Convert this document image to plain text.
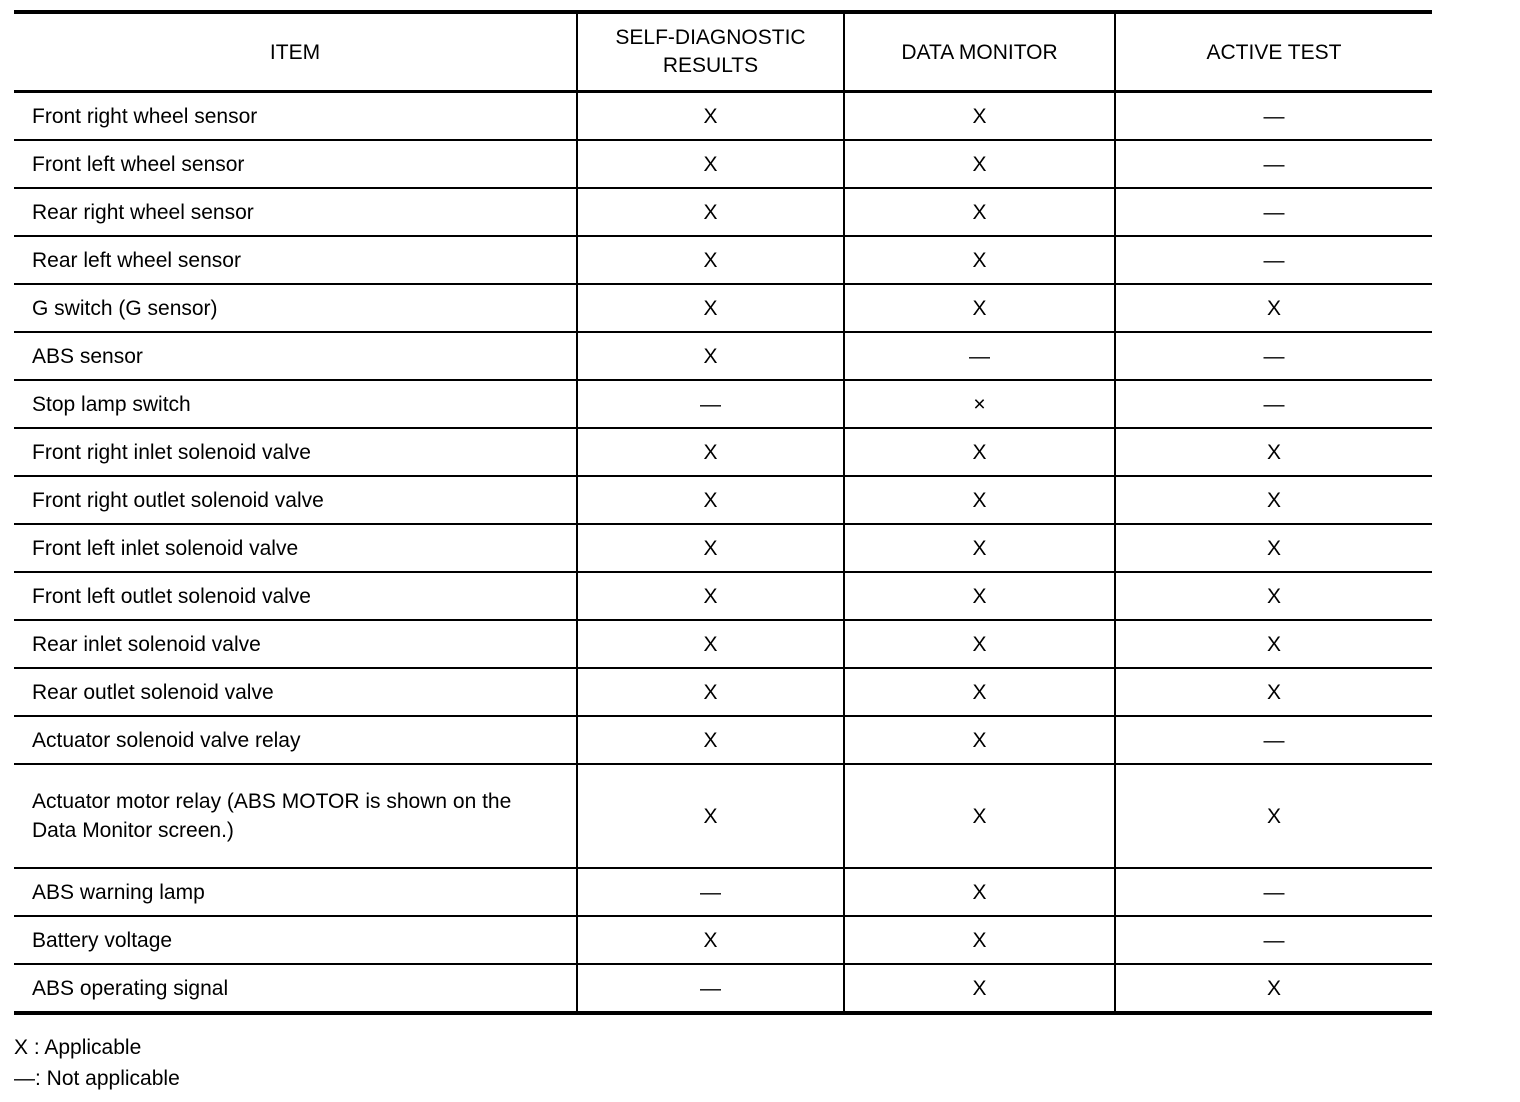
ITEM	SELF-DIAGNOSTIC RESULTS	DATA MONITOR	ACTIVE TEST
Front right wheel sensor	X	X	—
Front left wheel sensor	X	X	—
Rear right wheel sensor	X	X	—
Rear left wheel sensor	X	X	—
G switch (G sensor)	X	X	X
ABS sensor	X	—	—
Stop lamp switch	—	×	—
Front right inlet solenoid valve	X	X	X
Front right outlet solenoid valve	X	X	X
Front left inlet solenoid valve	X	X	X
Front left outlet solenoid valve	X	X	X
Rear inlet solenoid valve	X	X	X
Rear outlet solenoid valve	X	X	X
Actuator solenoid valve relay	X	X	—
Actuator motor relay (ABS MOTOR is shown on the Data Monitor screen.)	X	X	X
ABS warning lamp	—	X	—
Battery voltage	X	X	—
ABS operating signal	—	X	X
X : Applicable
—: Not applicable
